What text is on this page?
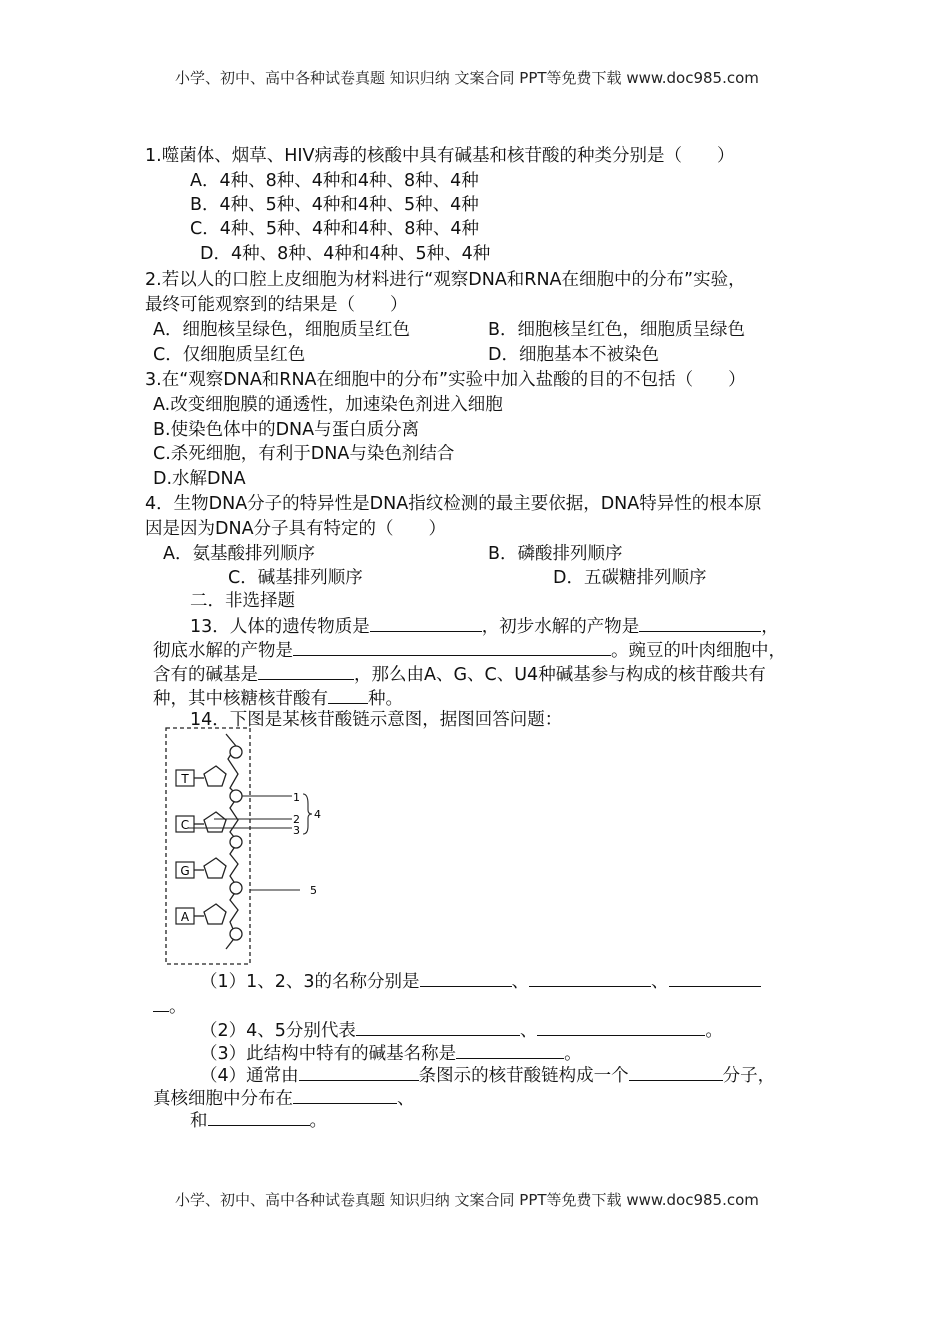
小学、初中、高中各种试卷真题 知识归纳 文案合同 PPT等免费下载 www.doc985.com
1.噬菌体、烟草、HIV病毒的核酸中具有碱基和核苷酸的种类分别是（　　）
A．4种、8种、4种和4种、8种、4种
B．4种、5种、4种和4种、5种、4种
C．4种、5种、4种和4种、8种、4种
D．4种、8种、4种和4种、5种、4种
2.若以人的口腔上皮细胞为材料进行“观察DNA和RNA在细胞中的分布”实验，
最终可能观察到的结果是（　　）
A．细胞核呈绿色，细胞质呈红色	B．细胞核呈红色，细胞质呈绿色
C．仅细胞质呈红色	D．细胞基本不被染色
3.在“观察DNA和RNA在细胞中的分布”实验中加入盐酸的目的不包括（　　）
A.改变细胞膜的通透性，加速染色剂进入细胞
B.使染色体中的DNA与蛋白质分离
C.杀死细胞，有利于DNA与染色剂结合
D.水解DNA
4．生物DNA分子的特异性是DNA指纹检测的最主要依据，DNA特异性的根本原
因是因为DNA分子具有特定的（　　）
A．氨基酸排列顺序	B．磷酸排列顺序
C．碱基排列顺序	D．五碳糖排列顺序
二．非选择题
13．人体的遗传物质是	，初步水解的产物是	，
彻底水解的产物是	。豌豆的叶肉细胞中，
含有的碱基是	，那么由A、G、C、U4种碱基参与构成的核苷酸共有
种，其中核糖核苷酸有 种。
14．下图是某核苷酸链示意图，据图回答问题：
T
C
G
A
1
2
3
4
5
（1）1、2、3的名称分别是	、	、
。
（2）4、5分别代表	、	。
（3）此结构中特有的碱基名称是	。
（4）通常由	条图示的核苷酸链构成一个	分子，
真核细胞中分布在	、
和	。
小学、初中、高中各种试卷真题 知识归纳 文案合同 PPT等免费下载 www.doc985.com
